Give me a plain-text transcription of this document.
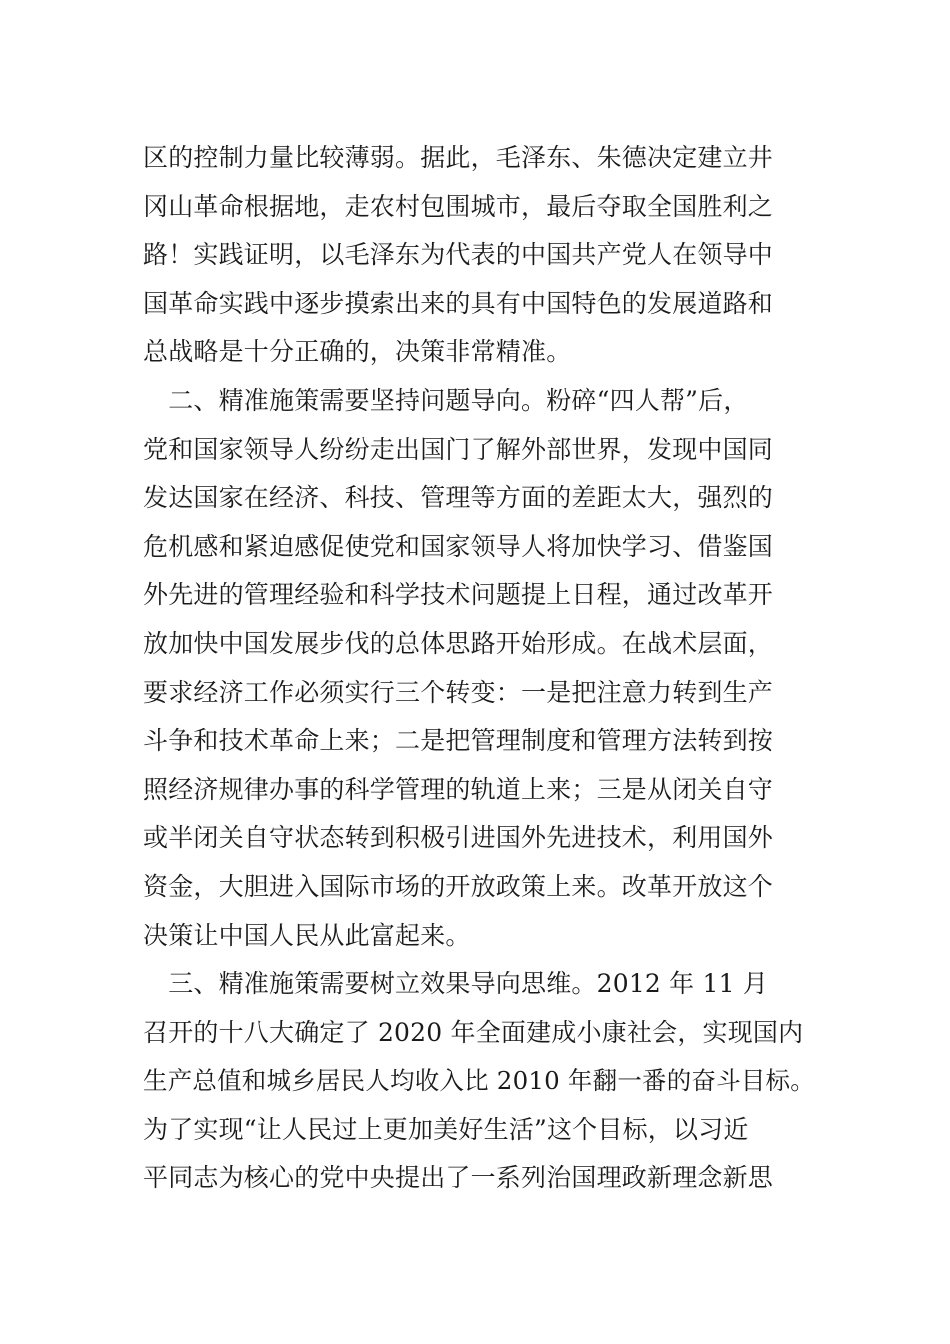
区的控制力量比较薄弱。据此，毛泽东、朱德决定建立井
冈山革命根据地，走农村包围城市，最后夺取全国胜利之
路！实践证明，以毛泽东为代表的中国共产党人在领导中
国革命实践中逐步摸索出来的具有中国特色的发展道路和
总战略是十分正确的，决策非常精准。
　二、精准施策需要坚持问题导向。粉碎“四人帮”后，
党和国家领导人纷纷走出国门了解外部世界，发现中国同
发达国家在经济、科技、管理等方面的差距太大，强烈的
危机感和紧迫感促使党和国家领导人将加快学习、借鉴国
外先进的管理经验和科学技术问题提上日程，通过改革开
放加快中国发展步伐的总体思路开始形成。在战术层面，
要求经济工作必须实行三个转变：一是把注意力转到生产
斗争和技术革命上来；二是把管理制度和管理方法转到按
照经济规律办事的科学管理的轨道上来；三是从闭关自守
或半闭关自守状态转到积极引进国外先进技术，利用国外
资金，大胆进入国际市场的开放政策上来。改革开放这个
决策让中国人民从此富起来。
　三、精准施策需要树立效果导向思维。2012 年 11 月
召开的十八大确定了 2020 年全面建成小康社会，实现国内
生产总值和城乡居民人均收入比 2010 年翻一番的奋斗目标。
为了实现“让人民过上更加美好生活”这个目标，以习近
平同志为核心的党中央提出了一系列治国理政新理念新思
